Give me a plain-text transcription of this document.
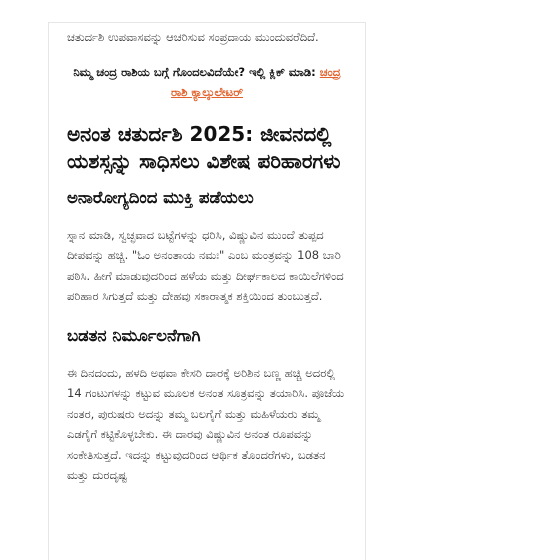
ಚತುರ್ದಶಿ ಉಪವಾಸವನ್ನು ಆಚರಿಸುವ ಸಂಪ್ರದಾಯ ಮುಂದುವರೆದಿದೆ.

ನಿಮ್ಮ ಚಂದ್ರ ರಾಶಿಯ ಬಗ್ಗೆ ಗೊಂದಲವಿದೆಯೇ? ಇಲ್ಲಿ ಕ್ಲಿಕ್ ಮಾಡಿ: ಚಂದ್ರ ರಾಶಿ ಕ್ಯಾಲ್ಕುಲೇಟರ್

ಅನಂತ ಚತುರ್ದಶಿ 2025: ಜೀವನದಲ್ಲಿ ಯಶಸ್ಸನ್ನು ಸಾಧಿಸಲು ವಿಶೇಷ ಪರಿಹಾರಗಳು
ಅನಾರೋಗ್ಯದಿಂದ ಮುಕ್ತಿ ಪಡೆಯಲು

ಸ್ನಾನ ಮಾಡಿ, ಸ್ವಚ್ಛವಾದ ಬಟ್ಟೆಗಳನ್ನು ಧರಿಸಿ, ವಿಷ್ಣುವಿನ ಮುಂದೆ ತುಪ್ಪದ ದೀಪವನ್ನು ಹಚ್ಚಿ. "ಓಂ ಅನಂತಾಯ ನಮಃ" ಎಂಬ ಮಂತ್ರವನ್ನು 108 ಬಾರಿ ಪಠಿಸಿ. ಹೀಗೆ ಮಾಡುವುದರಿಂದ ಹಳೆಯ ಮತ್ತು ದೀರ್ಘಕಾಲದ ಕಾಯಿಲೆಗಳಿಂದ ಪರಿಹಾರ ಸಿಗುತ್ತದೆ ಮತ್ತು ದೇಹವು ಸಕಾರಾತ್ಮಕ ಶಕ್ತಿಯಿಂದ ತುಂಬುತ್ತದೆ.

ಬಡತನ ನಿರ್ಮೂಲನೆಗಾಗಿ

ಈ ದಿನದಂದು, ಹಳದಿ ಅಥವಾ ಕೇಸರಿ ದಾರಕ್ಕೆ ಅರಿಶಿನ ಬಣ್ಣ ಹಚ್ಚಿ ಅದರಲ್ಲಿ 14 ಗಂಟುಗಳನ್ನು ಕಟ್ಟುವ ಮೂಲಕ ಅನಂತ ಸೂತ್ರವನ್ನು ತಯಾರಿಸಿ. ಪೂಜೆಯ ನಂತರ, ಪುರುಷರು ಅದನ್ನು ತಮ್ಮ ಬಲಗೈಗೆ ಮತ್ತು ಮಹಿಳೆಯರು ತಮ್ಮ ಎಡಗೈಗೆ ಕಟ್ಟಿಕೊಳ್ಳಬೇಕು. ಈ ದಾರವು ವಿಷ್ಣುವಿನ ಅನಂತ ರೂಪವನ್ನು ಸಂಕೇತಿಸುತ್ತದೆ. ಇದನ್ನು ಕಟ್ಟುವುದರಿಂದ ಆರ್ಥಿಕ ತೊಂದರೆಗಳು, ಬಡತನ ಮತ್ತು ದುರದೃಷ್ಟ
